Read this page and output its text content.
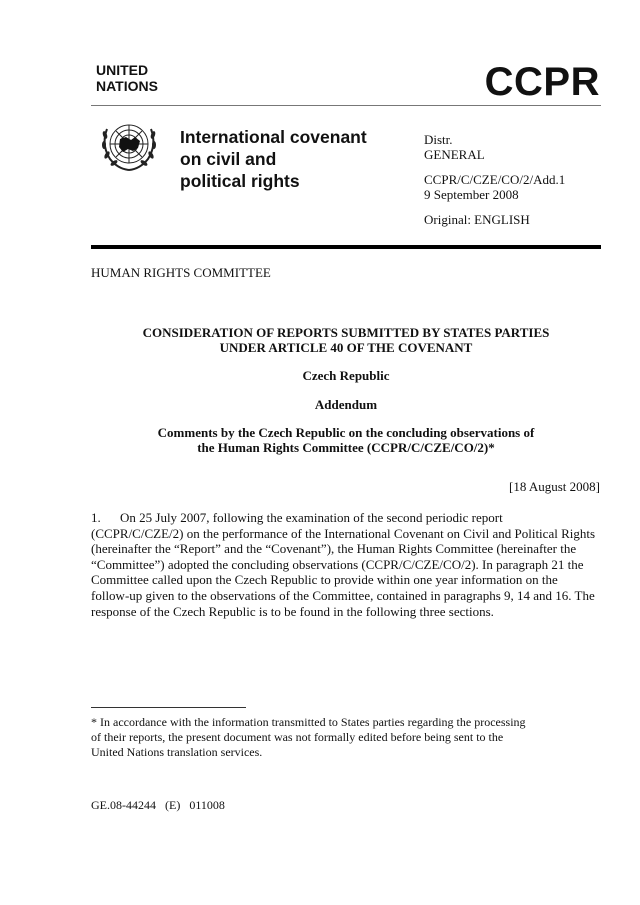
UNITED
NATIONS	CCPR
International covenant
on civil and
political rights
Distr.
GENERAL
CCPR/C/CZE/CO/2/Add.1
9 September 2008
Original: ENGLISH
HUMAN RIGHTS COMMITTEE
CONSIDERATION OF REPORTS SUBMITTED BY STATES PARTIES
UNDER ARTICLE 40 OF THE COVENANT
Czech Republic
Addendum
Comments by the Czech Republic on the concluding observations of
the Human Rights Committee (CCPR/C/CZE/CO/2)*
[18 August 2008]
1. On 25 July 2007, following the examination of the second periodic report
(CCPR/C/CZE/2) on the performance of the International Covenant on Civil and Political Rights
(hereinafter the “Report” and the “Covenant”), the Human Rights Committee (hereinafter the
“Committee”) adopted the concluding observations (CCPR/C/CZE/CO/2). In paragraph 21 the
Committee called upon the Czech Republic to provide within one year information on the
follow-up given to the observations of the Committee, contained in paragraphs 9, 14 and 16. The
response of the Czech Republic is to be found in the following three sections.
* In accordance with the information transmitted to States parties regarding the processing
of their reports, the present document was not formally edited before being sent to the
United Nations translation services.
GE.08-44244 (E) 011008
